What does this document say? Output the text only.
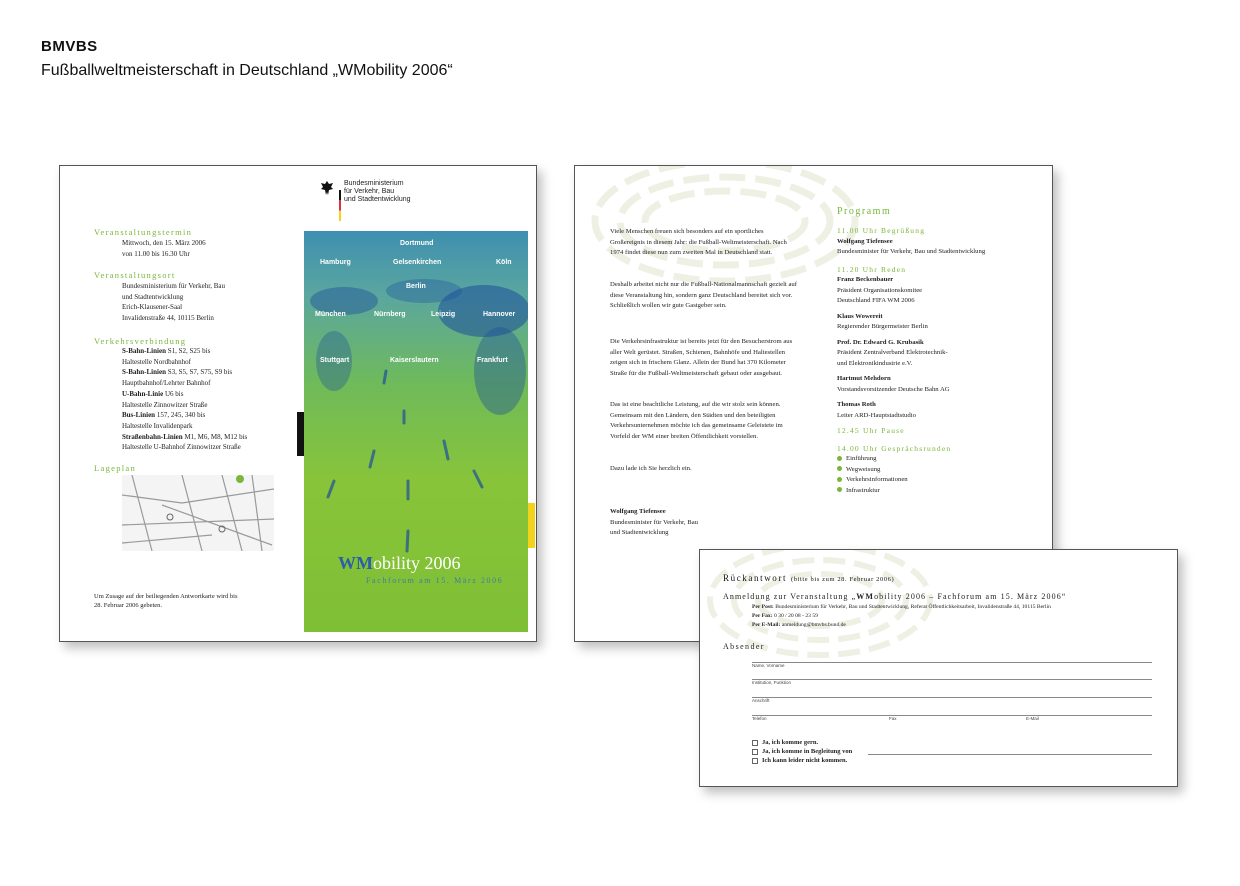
BMVBS
Fußballweltmeisterschaft in Deutschland „WMobility 2006“
Bundesministerium
für Verkehr, Bau
und Stadtentwicklung
Veranstaltungstermin
Mittwoch, den 15. März 2006
von 11.00 bis 16.30 Uhr
Veranstaltungsort
Bundesministerium für Verkehr, Bau
und Stadtentwicklung
Erich-Klausener-Saal
Invalidenstraße 44, 10115 Berlin
Verkehrsverbindung
S-Bahn-Linien S1, S2, S25 bis
Haltestelle Nordbahnhof
S-Bahn-Linien S3, S5, S7, S75, S9 bis
Hauptbahnhof/Lehrter Bahnhof
U-Bahn-Linie U6 bis
Haltestelle Zinnowitzer Straße
Bus-Linien 157, 245, 340 bis
Haltestelle Invalidenpark
Straßenbahn-Linien M1, M6, M8, M12 bis
Haltestelle U-Bahnhof Zinnowitzer Straße
Lageplan
Um Zusage auf der beiliegenden Antwortkarte wird bis
28. Februar 2006 gebeten.
Dortmund
Hamburg	Gelsenkirchen	Köln
Berlin
München	Nürnberg	Leipzig	Hannover
Stuttgart	Kaiserslautern	Frankfurt
WMobility 2006
Fachforum am 15. März 2006
Viele Menschen freuen sich besonders auf ein sportliches Großereignis in diesem Jahr: die Fußball-Weltmeisterschaft. Nach 1974 findet diese nun zum zweiten Mal in Deutschland statt.
Deshalb arbeitet nicht nur die Fußball-Nationalmannschaft gezielt auf diese Veranstaltung hin, sondern ganz Deutschland bereitet sich vor. Schließlich wollen wir gute Gastgeber sein.
Die Verkehrsinfrastruktur ist bereits jetzt für den Besucherstrom aus aller Welt gerüstet. Straßen, Schienen, Bahnhöfe und Haltestellen zeigen sich in frischem Glanz. Allein der Bund hat 370 Kilometer Straße für die Fußball-Weltmeisterschaft gebaut oder ausgebaut.
Das ist eine beachtliche Leistung, auf die wir stolz sein können. Gemeinsam mit den Ländern, den Städten und den beteiligten Verkehrsunternehmen möchte ich das gemeinsame Geleistete im Vorfeld der WM einer breiten Öffentlichkeit vorstellen.
Dazu lade ich Sie herzlich ein.
Wolfgang Tiefensee
Bundesminister für Verkehr, Bau
und Stadtentwicklung
Programm
11.00 Uhr Begrüßung
Wolfgang Tiefensee
Bundesminister für Verkehr, Bau und Stadtentwicklung
11.20 Uhr Reden
Franz Beckenbauer
Präsident Organisationskomitee
Deutschland FIFA WM 2006
Klaus Wowereit
Regierender Bürgermeister Berlin
Prof. Dr. Edward G. Krubasik
Präsident Zentralverband Elektrotechnik-
und Elektronikindustrie e.V.
Hartmut Mehdorn
Vorstandsvorsitzender Deutsche Bahn AG
Thomas Roth
Leiter ARD-Hauptstadtstudio
12.45 Uhr Pause
14.00 Uhr Gesprächsrunden
Einführung
Wegweisung
Verkehrsinformationen
Infrastruktur
Rückantwort (bitte bis zum 28. Februar 2006)
Anmeldung zur Veranstaltung „WMobility 2006 – Fachforum am 15. März 2006“
Per Post: Bundesministerium für Verkehr, Bau und Stadtentwicklung, Referat Öffentlichkeitsarbeit, Invalidenstraße 44, 10115 Berlin
Per Fax: 0 30 / 20 08 - 23 59
Per E-Mail: anmeldung@bmvbs.bund.de
Absender
Name, Vorname
Institution, Funktion
Anschrift
Telefon	Fax	E-Mail
Ja, ich komme gern.
Ja, ich komme in Begleitung von
Ich kann leider nicht kommen.
